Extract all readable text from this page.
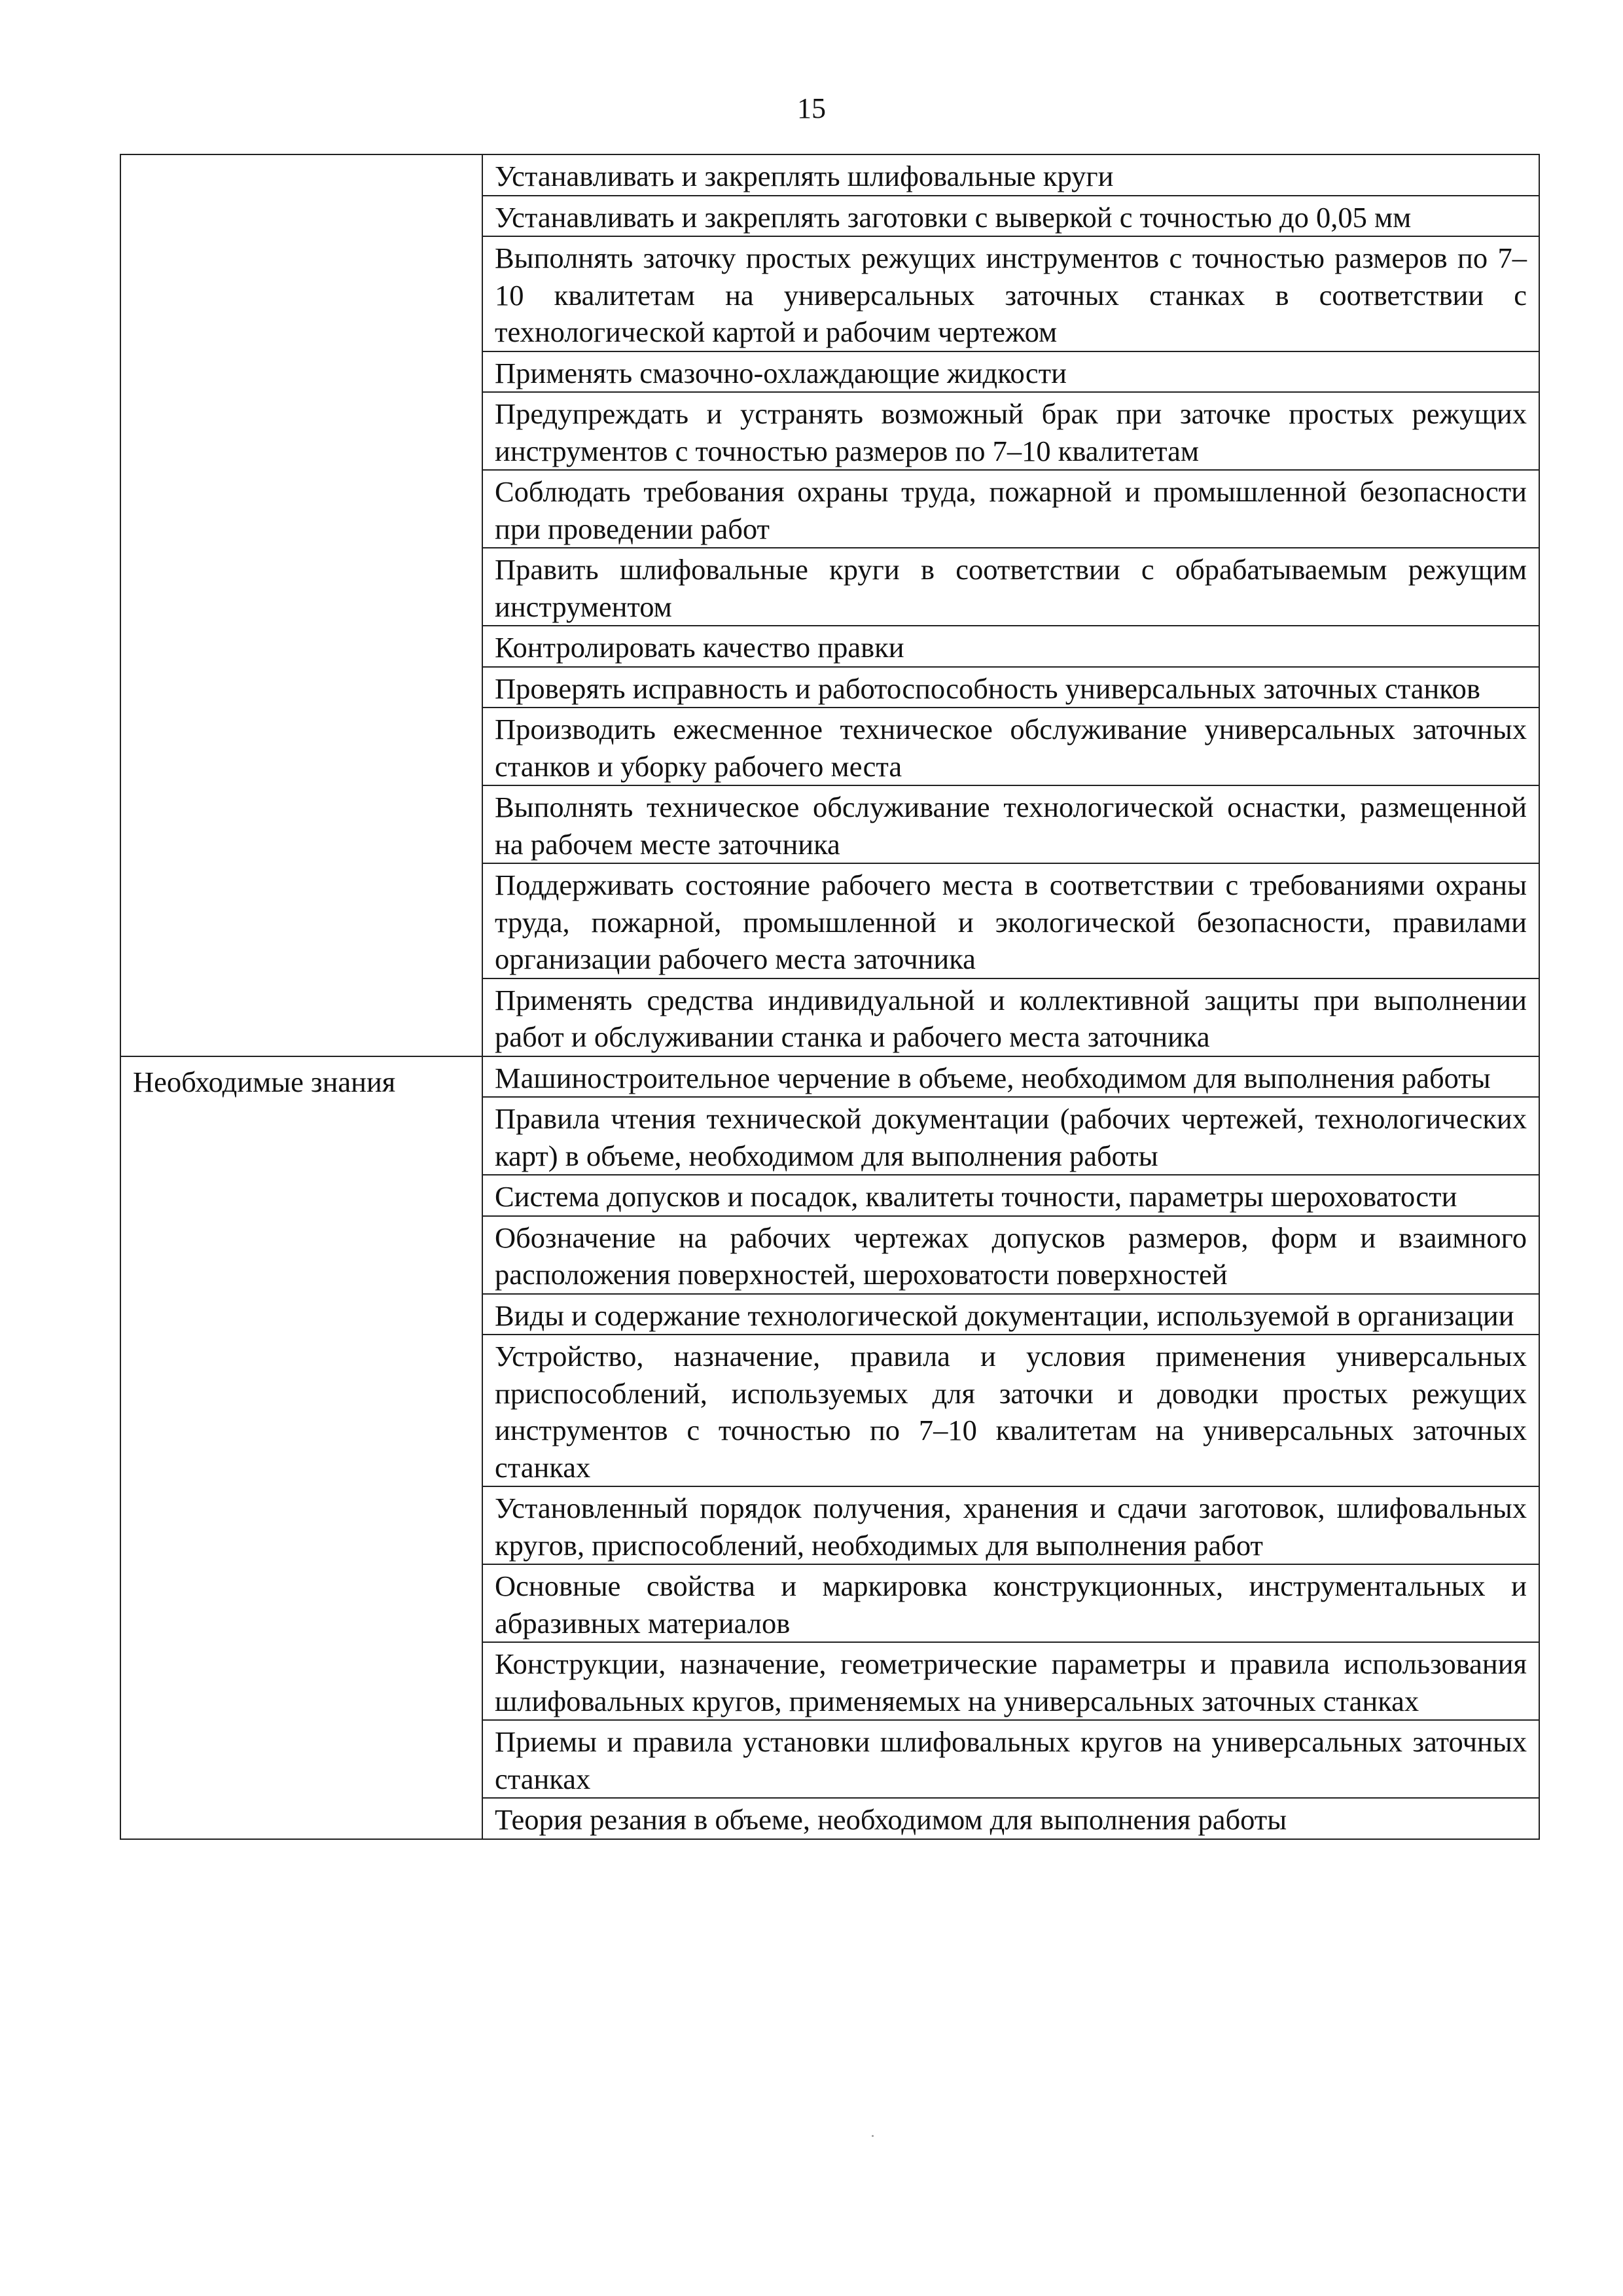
15
	Устанавливать и закреплять шлифовальные круги
	Устанавливать и закреплять заготовки с выверкой с точностью до 0,05 мм
	Выполнять заточку простых режущих инструментов с точностью размеров по 7–10 квалитетам на универсальных заточных станках в соответствии с технологической картой и рабочим чертежом
	Применять смазочно-охлаждающие жидкости
	Предупреждать и устранять возможный брак при заточке простых режущих инструментов с точностью размеров по 7–10 квалитетам
	Соблюдать требования охраны труда, пожарной и промышленной безопасности при проведении работ
	Править шлифовальные круги в соответствии с обрабатываемым режущим инструментом
	Контролировать качество правки
	Проверять исправность и работоспособность универсальных заточных станков
	Производить ежесменное техническое обслуживание универсальных заточных станков и уборку рабочего места
	Выполнять техническое обслуживание технологической оснастки, размещенной на рабочем месте заточника
	Поддерживать состояние рабочего места в соответствии с требованиями охраны труда, пожарной, промышленной и экологической безопасности, правилами организации рабочего места заточника
	Применять средства индивидуальной и коллективной защиты при выполнении работ и обслуживании станка и рабочего места заточника
Необходимые знания	Машиностроительное черчение в объеме, необходимом для выполнения работы
	Правила чтения технической документации (рабочих чертежей, технологических карт) в объеме, необходимом для выполнения работы
	Система допусков и посадок, квалитеты точности, параметры шероховатости
	Обозначение на рабочих чертежах допусков размеров, форм и взаимного расположения поверхностей, шероховатости поверхностей
	Виды и содержание технологической документации, используемой в организации
	Устройство, назначение, правила и условия применения универсальных приспособлений, используемых для заточки и доводки простых режущих инструментов с точностью по 7–10 квалитетам на универсальных заточных станках
	Установленный порядок получения, хранения и сдачи заготовок, шлифовальных кругов, приспособлений, необходимых для выполнения работ
	Основные свойства и маркировка конструкционных, инструментальных и абразивных материалов
	Конструкции, назначение, геометрические параметры и правила использования шлифовальных кругов, применяемых на универсальных заточных станках
	Приемы и правила установки шлифовальных кругов на универсальных заточных станках
	Теория резания в объеме, необходимом для выполнения работы
